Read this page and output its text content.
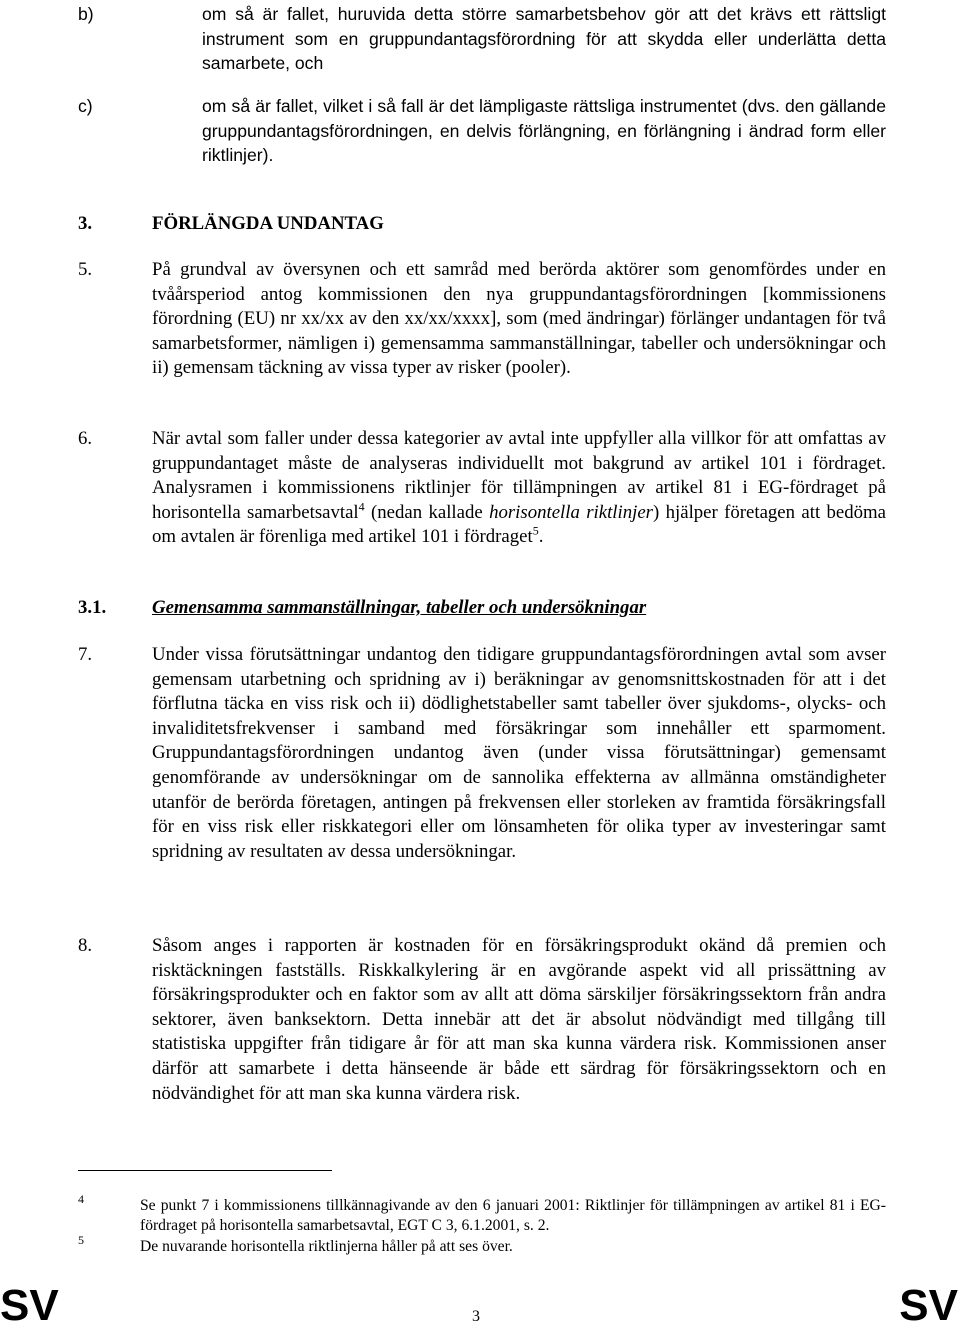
b)	om så är fallet, huruvida detta större samarbetsbehov gör att det krävs ett rättsligt instrument som en gruppundantagsförordning för att skydda eller underlätta detta samarbete, och
c)	om så är fallet, vilket i så fall är det lämpligaste rättsliga instrumentet (dvs. den gällande gruppundantagsförordningen, en delvis förlängning, en förlängning i ändrad form eller riktlinjer).
3.	FÖRLÄNGDA UNDANTAG
5.	På grundval av översynen och ett samråd med berörda aktörer som genomfördes under en tvåårsperiod antog kommissionen den nya gruppundantagsförordningen [kommissionens förordning (EU) nr xx/xx av den xx/xx/xxxx], som (med ändringar) förlänger undantagen för två samarbetsformer, nämligen i) gemensamma sammanställningar, tabeller och undersökningar och ii) gemensam täckning av vissa typer av risker (pooler).
6.	När avtal som faller under dessa kategorier av avtal inte uppfyller alla villkor för att omfattas av gruppundantaget måste de analyseras individuellt mot bakgrund av artikel 101 i fördraget. Analysramen i kommissionens riktlinjer för tillämpningen av artikel 81 i EG-fördraget på horisontella samarbetsavtal$^4$ (nedan kallade horisontella riktlinjer) hjälper företagen att bedöma om avtalen är förenliga med artikel 101 i fördraget$^5$.
3.1. Gemensamma sammanställningar, tabeller och undersökningar
7.	Under vissa förutsättningar undantog den tidigare gruppundantagsförordningen avtal som avser gemensam utarbetning och spridning av i) beräkningar av genomsnittskostnaden för att i det förflutna täcka en viss risk och ii) dödlighetstabeller samt tabeller över sjukdoms-, olycks- och invaliditetsfrekvenser i samband med försäkringar som innehåller ett sparmoment. Gruppundantagsförordningen undantog även (under vissa förutsättningar) gemensamt genomförande av undersökningar om de sannolika effekterna av allmänna omständigheter utanför de berörda företagen, antingen på frekvensen eller storleken av framtida försäkringsfall för en viss risk eller riskkategori eller om lönsamheten för olika typer av investeringar samt spridning av resultaten av dessa undersökningar.
8.	Såsom anges i rapporten är kostnaden för en försäkringsprodukt okänd då premien och risktäckningen fastställs. Riskkalkylering är en avgörande aspekt vid all prissättning av försäkringsprodukter och en faktor som av allt att döma särskiljer försäkringssektorn från andra sektorer, även banksektorn. Detta innebär att det är absolut nödvändigt med tillgång till statistiska uppgifter från tidigare år för att man ska kunna värdera risk. Kommissionen anser därför att samarbete i detta hänseende är både ett särdrag för försäkringssektorn och en nödvändighet för att man ska kunna värdera risk.
4	Se punkt 7 i kommissionens tillkännagivande av den 6 januari 2001: Riktlinjer för tillämpningen av artikel 81 i EG-fördraget på horisontella samarbetsavtal, EGT C 3, 6.1.2001, s. 2.
5	De nuvarande horisontella riktlinjerna håller på att ses över.
SV	3	SV
